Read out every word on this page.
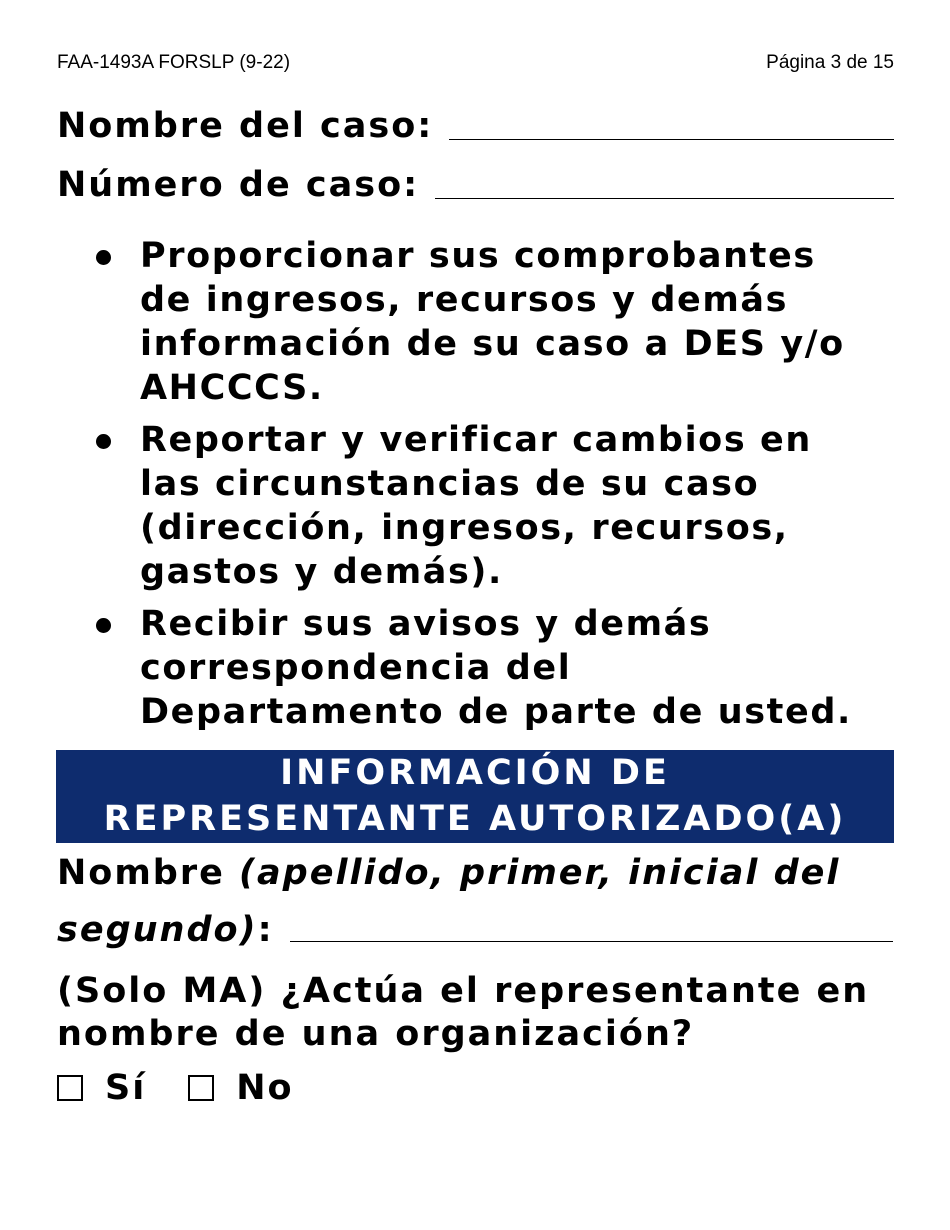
FAA-1493A FORSLP (9-22)	Página 3 de 15
Nombre del caso:
Número de caso:
Proporcionar sus comprobantes
de ingresos, recursos y demás
información de su caso a DES y/o
AHCCCS.
Reportar y verificar cambios en
las circunstancias de su caso
(dirección, ingresos, recursos,
gastos y demás).
Recibir sus avisos y demás
correspondencia del
Departamento de parte de usted.
INFORMACIÓN DE
REPRESENTANTE AUTORIZADO(A)
Nombre (apellido, primer, inicial del
segundo) :
(Solo MA) ¿Actúa el representante en
nombre de una organización?
Sí	No
